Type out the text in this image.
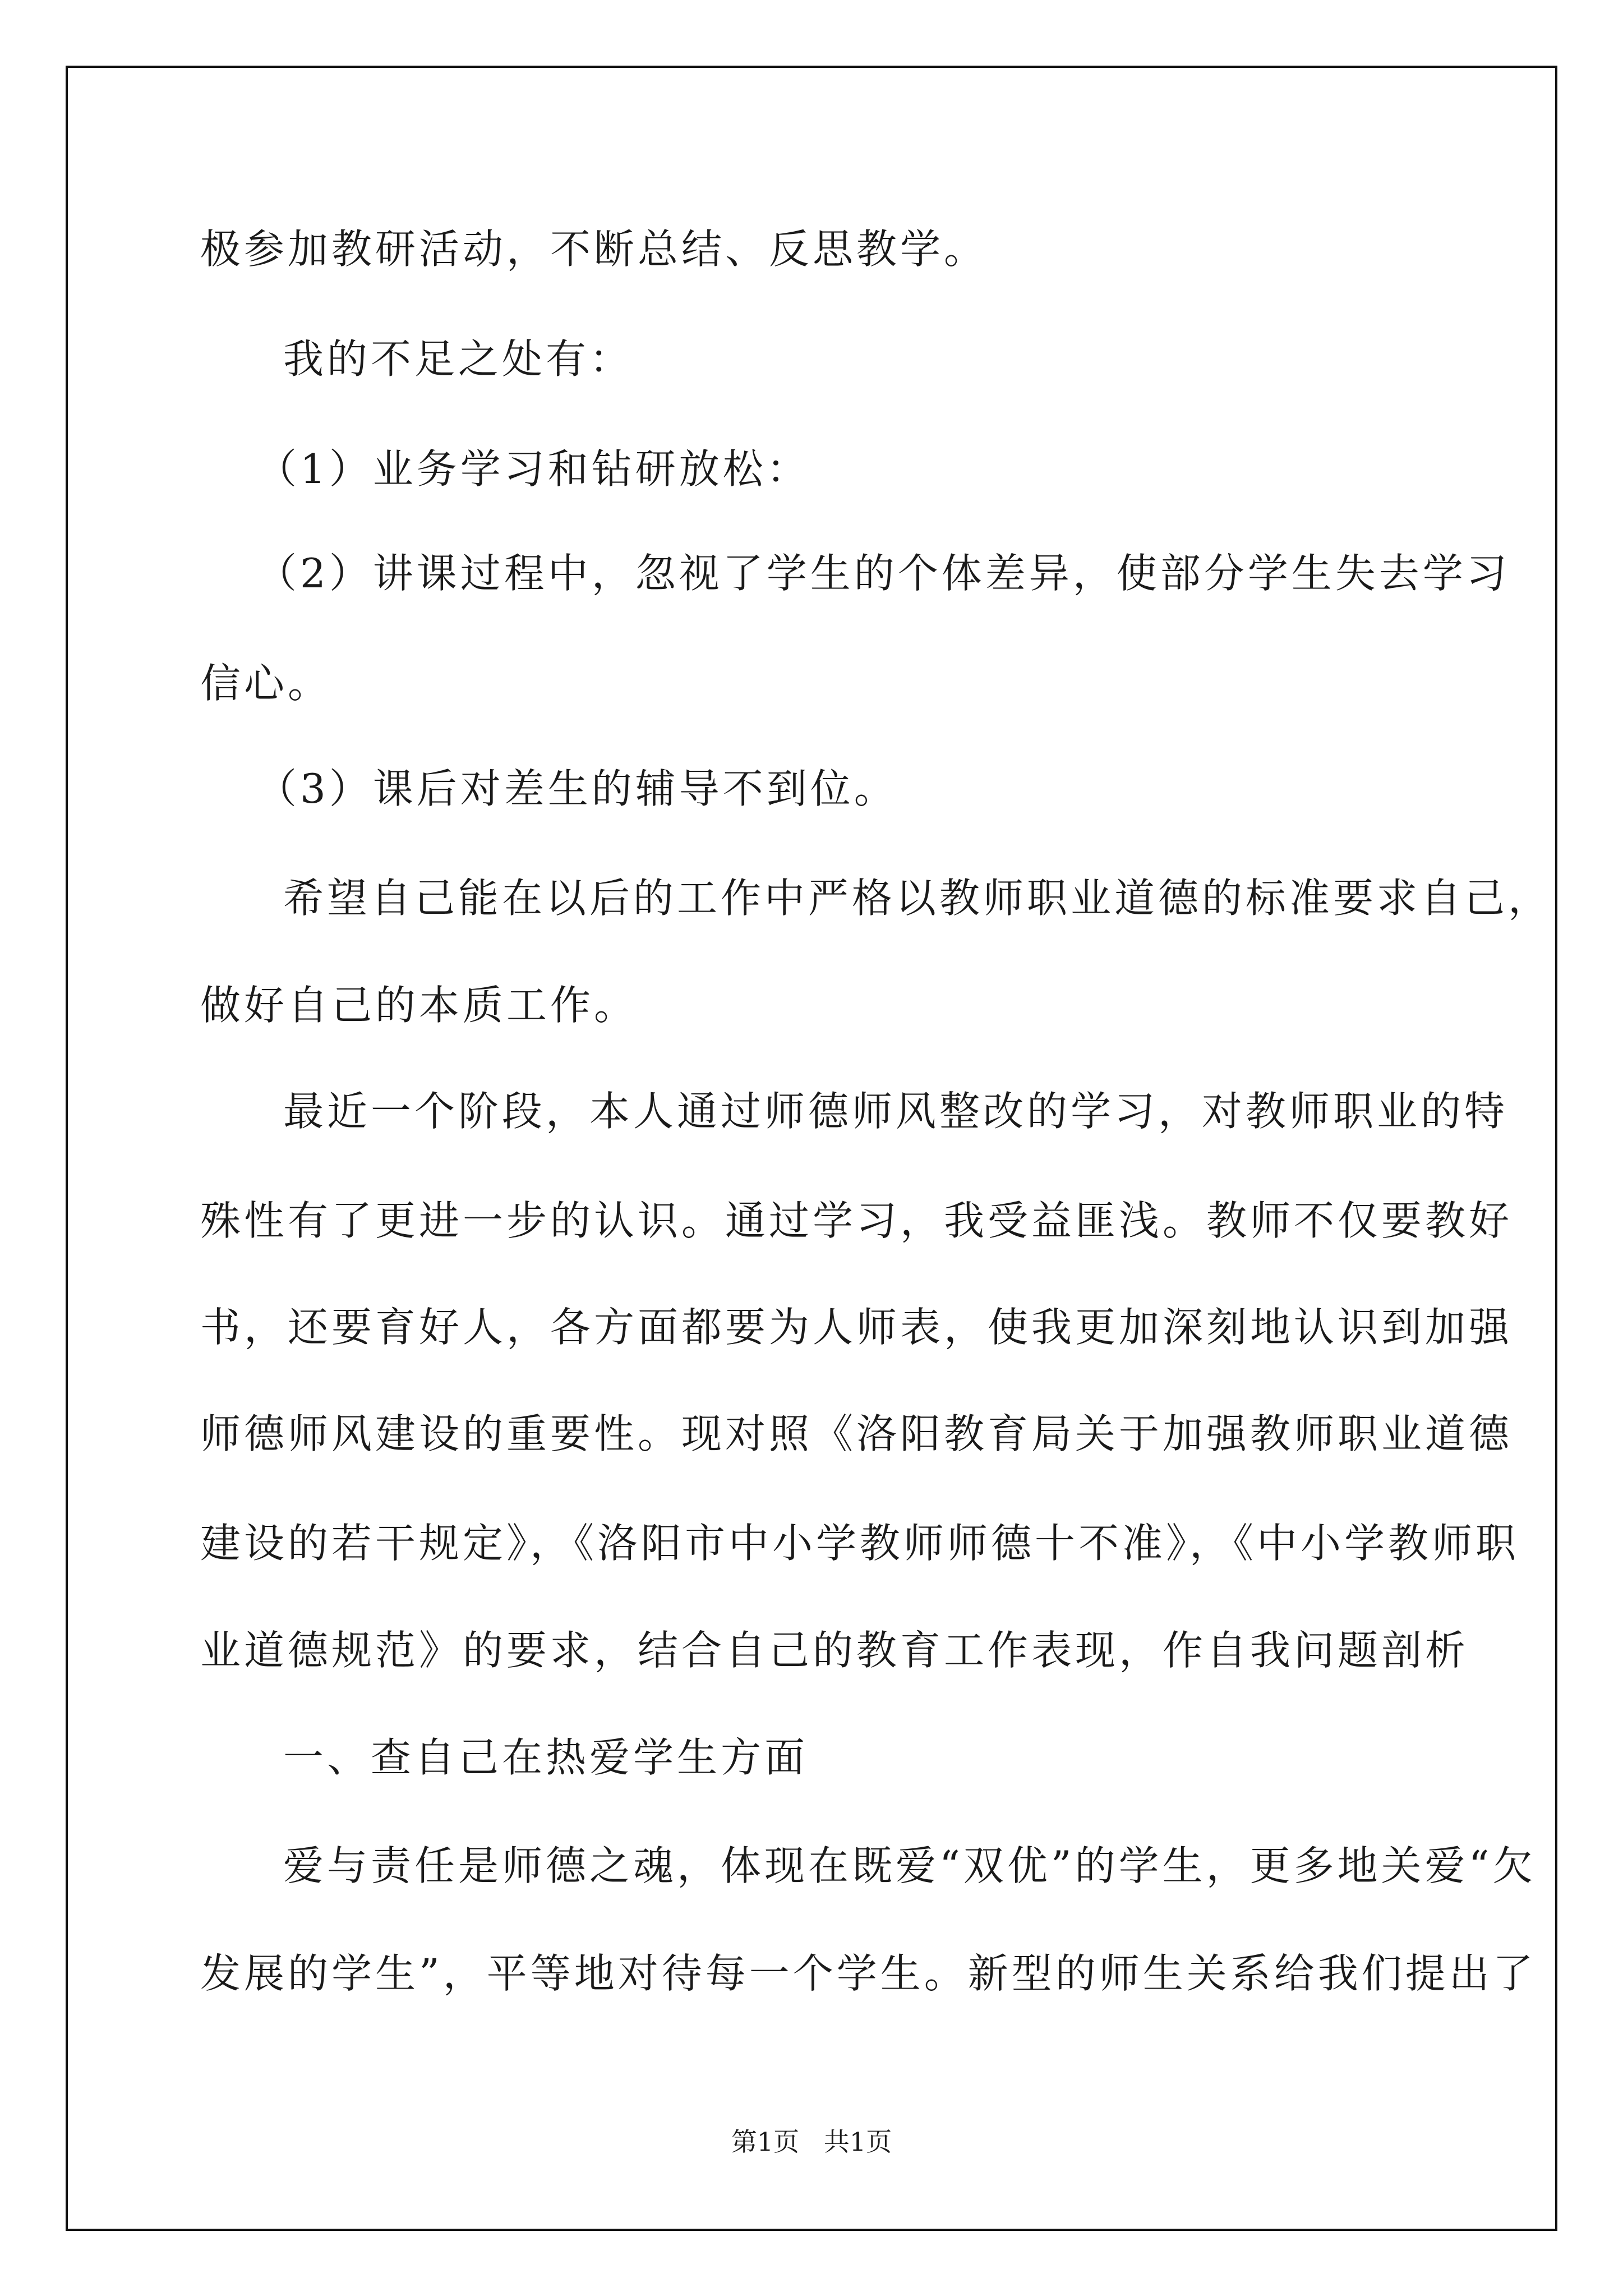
极参加教研活动，不断总结、反思教学。

我的不足之处有：

（1）业务学习和钻研放松：

（2）讲课过程中，忽视了学生的个体差异，使部分学生失去学习

信心。

（3）课后对差生的辅导不到位。

希望自己能在以后的工作中严格以教师职业道德的标准要求自己，

做好自己的本质工作。

最近一个阶段，本人通过师德师风整改的学习，对教师职业的特

殊性有了更进一步的认识。通过学习，我受益匪浅。教师不仅要教好

书，还要育好人，各方面都要为人师表，使我更加深刻地认识到加强

师德师风建设的重要性。现对照《洛阳教育局关于加强教师职业道德

建设的若干规定》，《洛阳市中小学教师师德十不准》，《中小学教师职

业道德规范》的要求，结合自己的教育工作表现，作自我问题剖析

一、查自己在热爱学生方面

爱与责任是师德之魂，体现在既爱“双优”的学生，更多地关爱“欠

发展的学生”，平等地对待每一个学生。新型的师生关系给我们提出了

第1页   共1页
